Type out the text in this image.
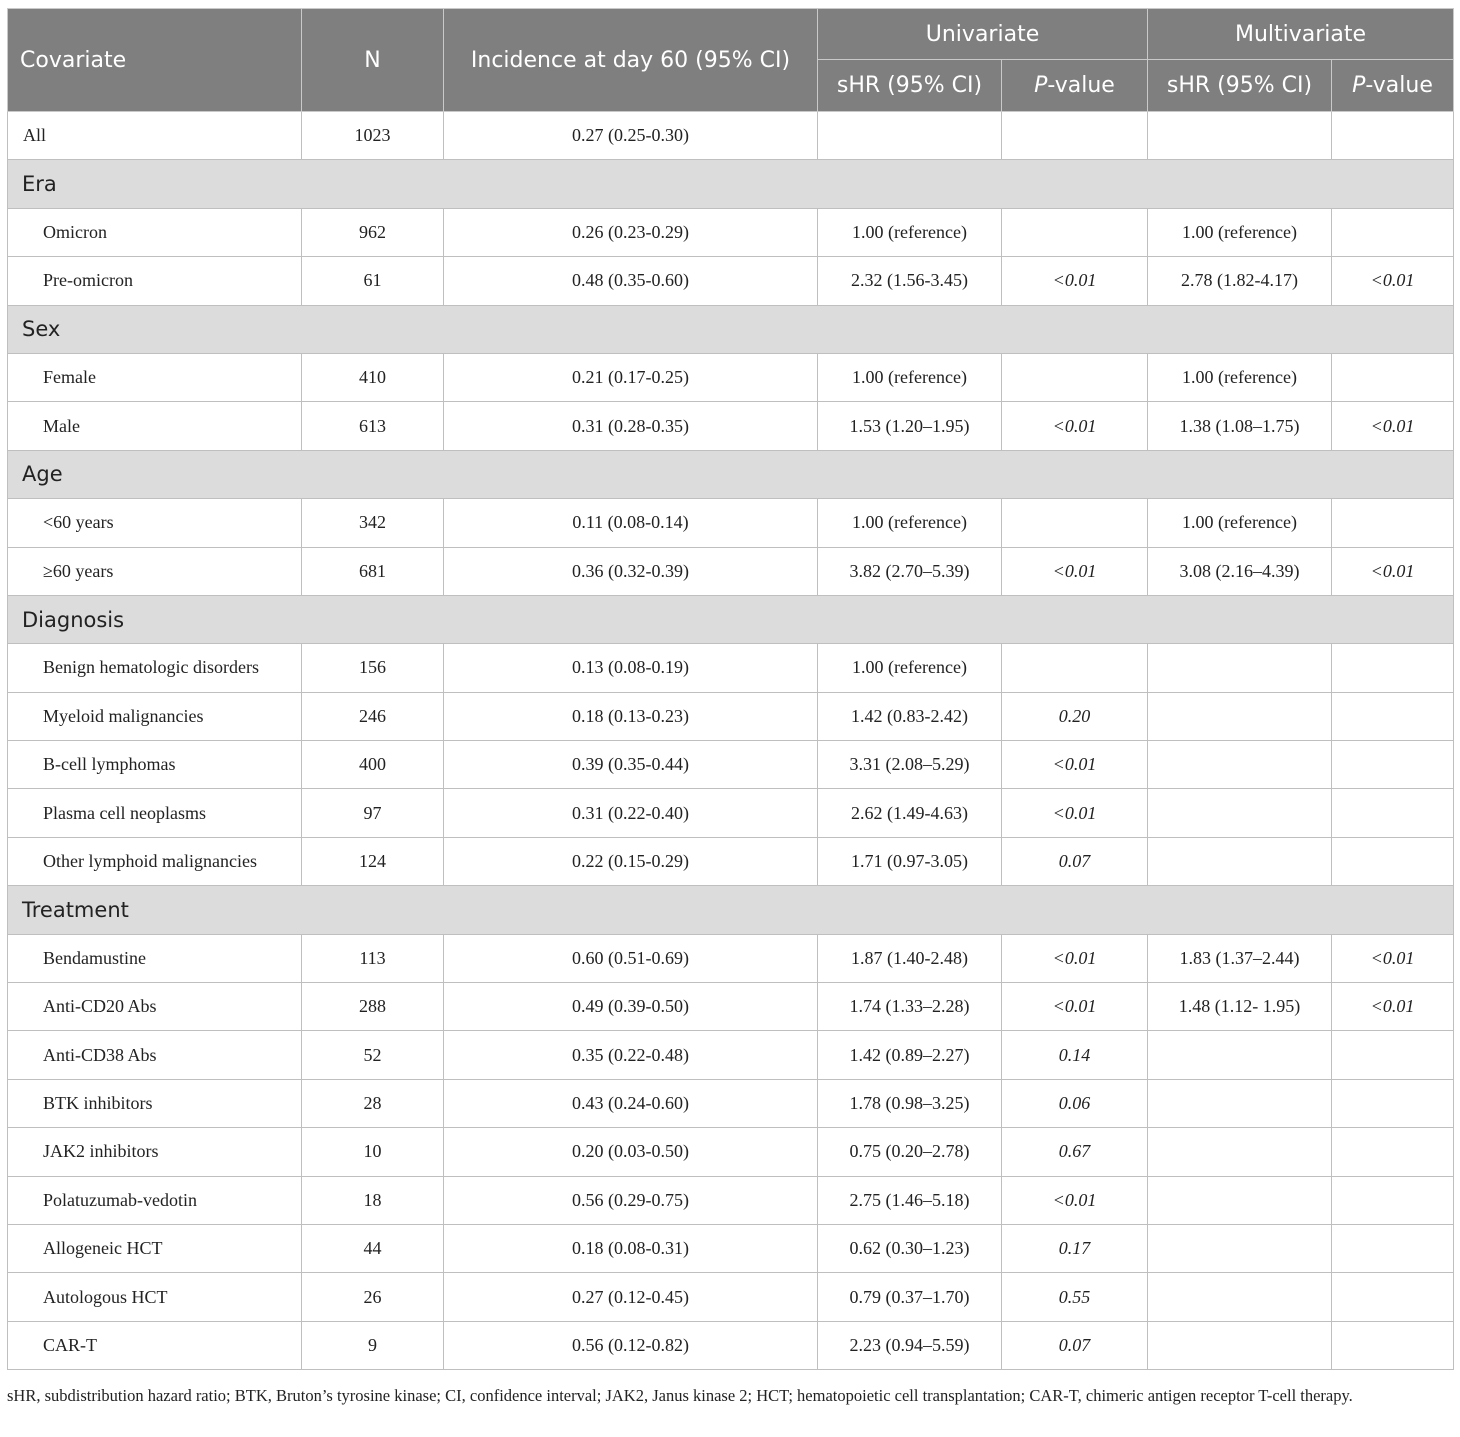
Covariate	N	Incidence at day 60 (95% CI)	Univariate		Multivariate	
			sHR (95% CI)	P-value	sHR (95% CI)	P-value
All	1023	0.27 (0.25-0.30)				
Era						
Omicron	962	0.26 (0.23-0.29)	1.00 (reference)		1.00 (reference)	
Pre-omicron	61	0.48 (0.35-0.60)	2.32 (1.56-3.45)	<0.01	2.78 (1.82-4.17)	<0.01
Sex						
Female	410	0.21 (0.17-0.25)	1.00 (reference)		1.00 (reference)	
Male	613	0.31 (0.28-0.35)	1.53 (1.20–1.95)	<0.01	1.38 (1.08–1.75)	<0.01
Age						
<60 years	342	0.11 (0.08-0.14)	1.00 (reference)		1.00 (reference)	
≥60 years	681	0.36 (0.32-0.39)	3.82 (2.70–5.39)	<0.01	3.08 (2.16–4.39)	<0.01
Diagnosis						
Benign hematologic disorders	156	0.13 (0.08-0.19)	1.00 (reference)			
Myeloid malignancies	246	0.18 (0.13-0.23)	1.42 (0.83-2.42)	0.20		
B-cell lymphomas	400	0.39 (0.35-0.44)	3.31 (2.08–5.29)	<0.01		
Plasma cell neoplasms	97	0.31 (0.22-0.40)	2.62 (1.49-4.63)	<0.01		
Other lymphoid malignancies	124	0.22 (0.15-0.29)	1.71 (0.97-3.05)	0.07		
Treatment						
Bendamustine	113	0.60 (0.51-0.69)	1.87 (1.40-2.48)	<0.01	1.83 (1.37–2.44)	<0.01
Anti-CD20 Abs	288	0.49 (0.39-0.50)	1.74 (1.33–2.28)	<0.01	1.48 (1.12- 1.95)	<0.01
Anti-CD38 Abs	52	0.35 (0.22-0.48)	1.42 (0.89–2.27)	0.14		
BTK inhibitors	28	0.43 (0.24-0.60)	1.78 (0.98–3.25)	0.06		
JAK2 inhibitors	10	0.20 (0.03-0.50)	0.75 (0.20–2.78)	0.67		
Polatuzumab-vedotin	18	0.56 (0.29-0.75)	2.75 (1.46–5.18)	<0.01		
Allogeneic HCT	44	0.18 (0.08-0.31)	0.62 (0.30–1.23)	0.17		
Autologous HCT	26	0.27 (0.12-0.45)	0.79 (0.37–1.70)	0.55		
CAR-T	9	0.56 (0.12-0.82)	2.23 (0.94–5.59)	0.07		
sHR, subdistribution hazard ratio; BTK, Bruton’s tyrosine kinase; CI, confidence interval; JAK2, Janus kinase 2; HCT; hematopoietic cell transplantation; CAR-T, chimeric antigen receptor T-cell therapy.
